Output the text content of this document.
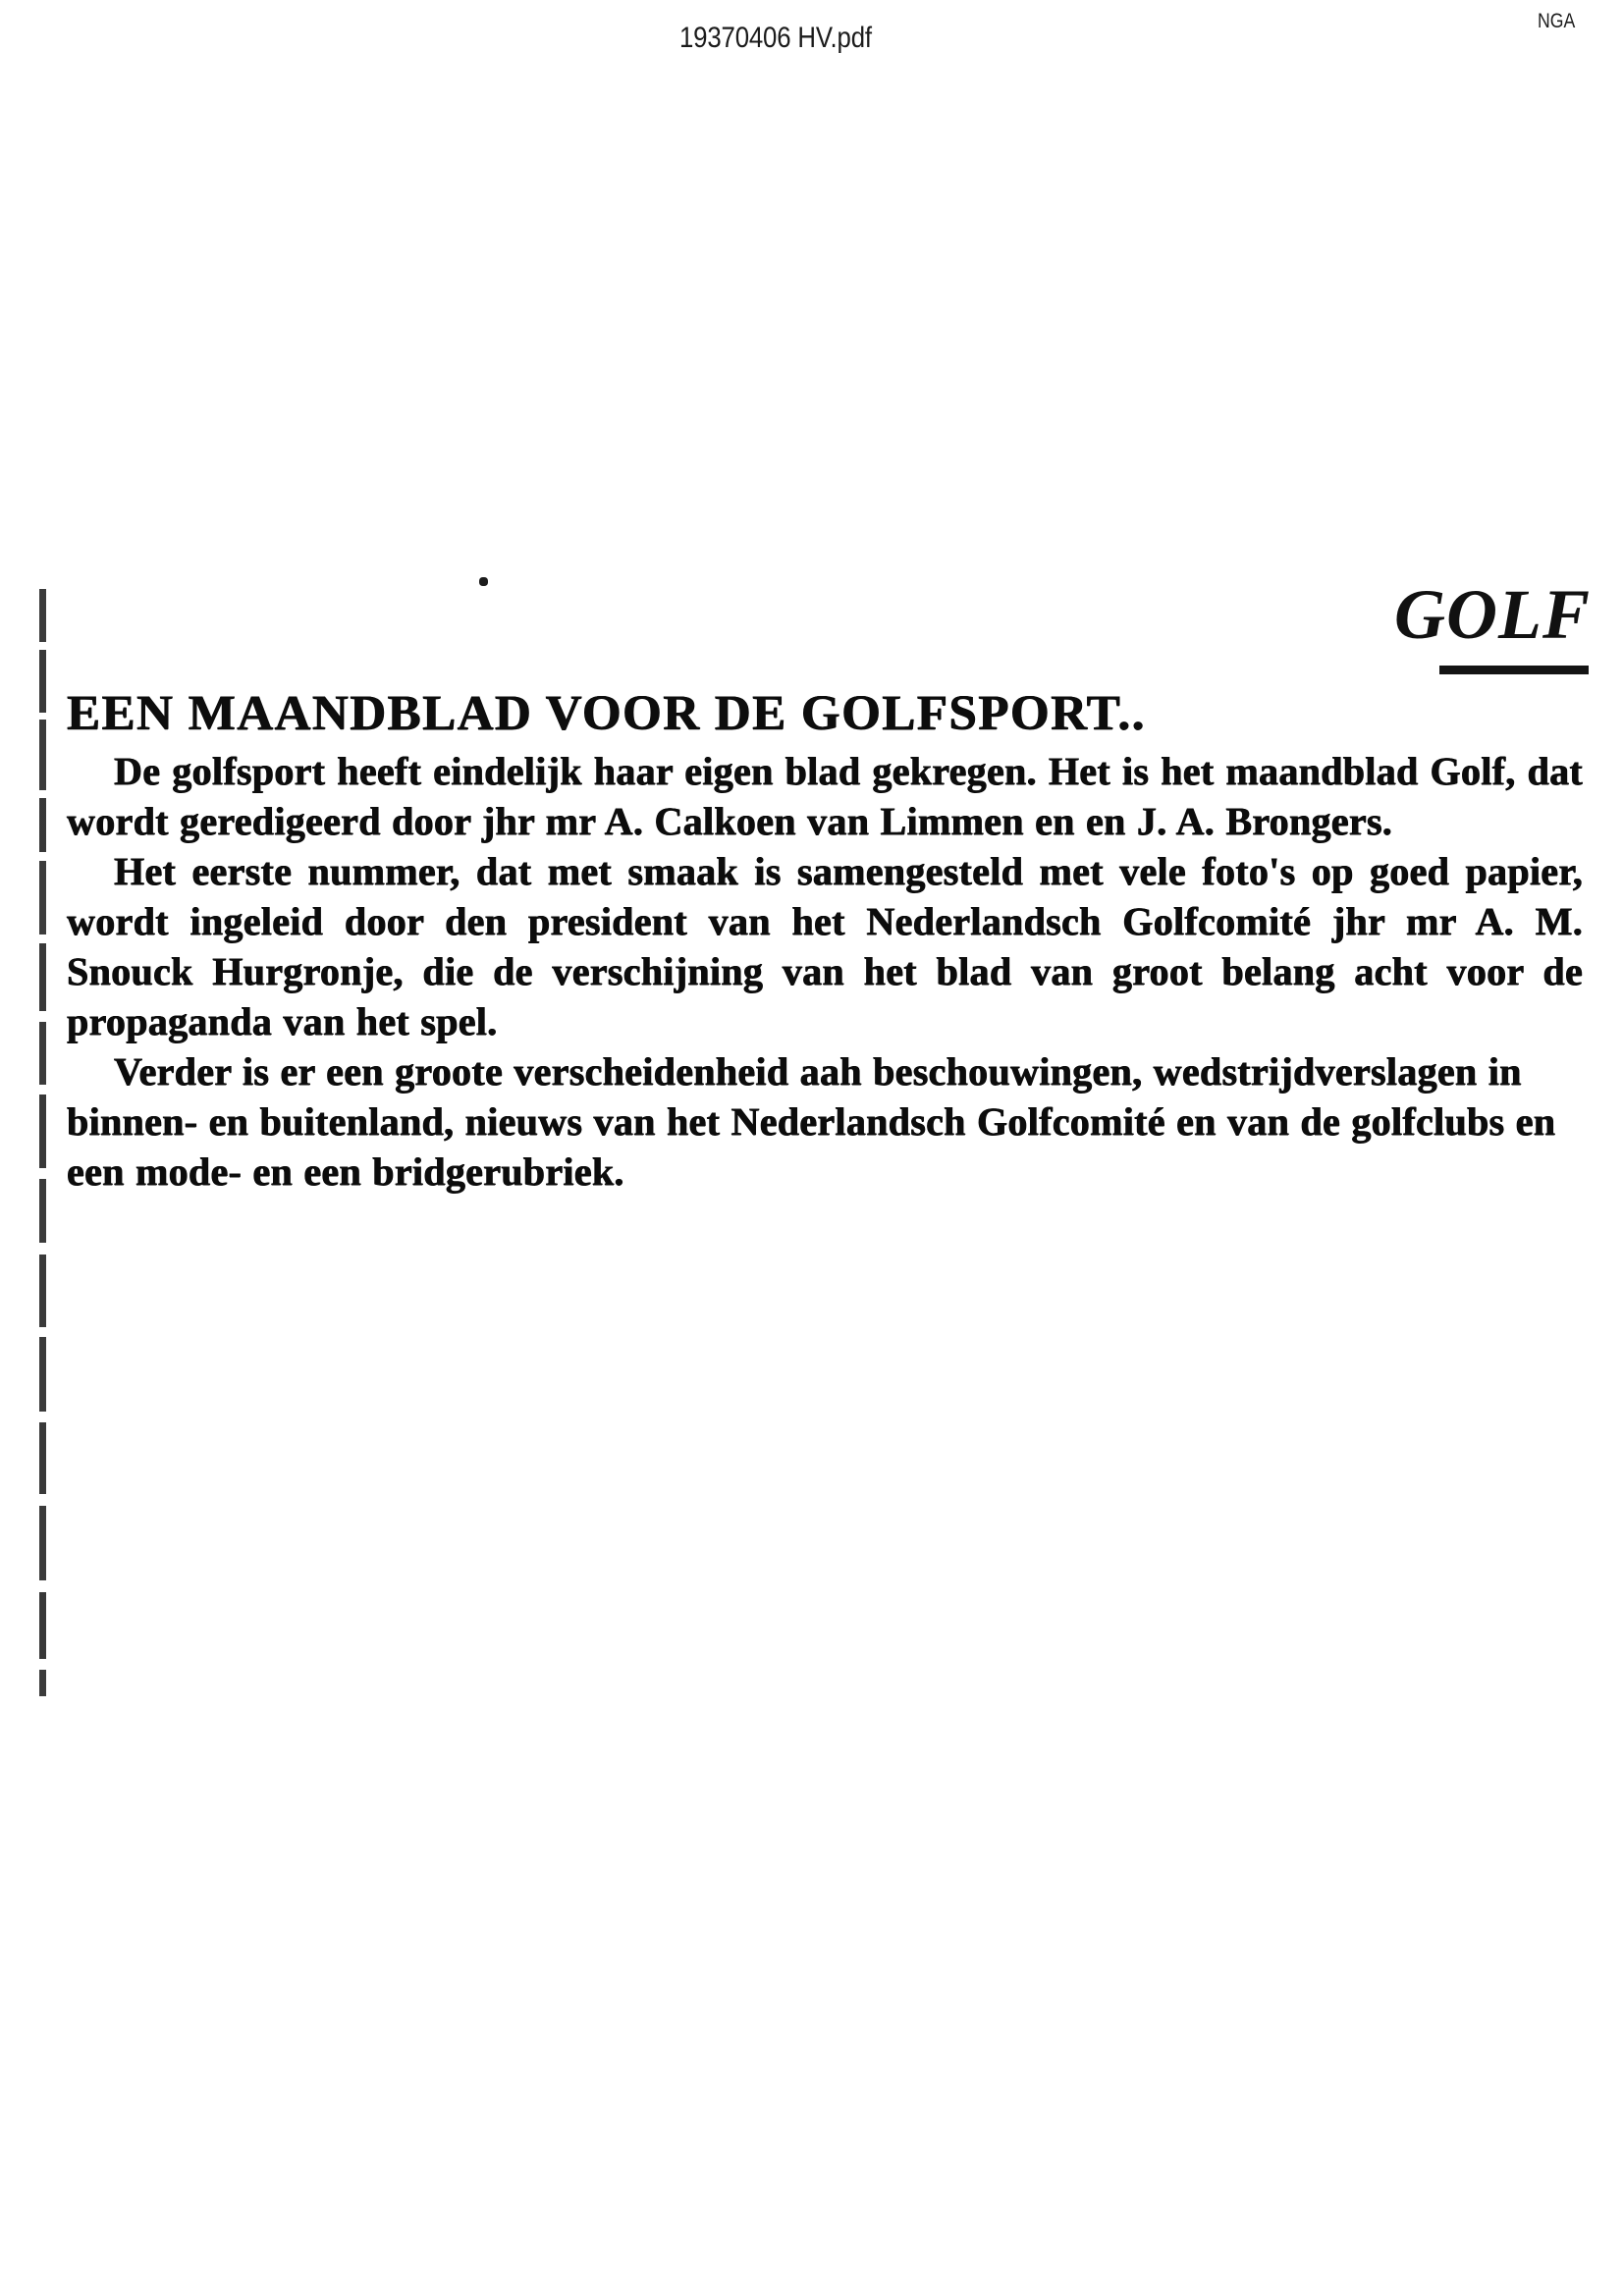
19370406 HV.pdf
NGA
GOLF
EEN MAANDBLAD VOOR DE GOLFSPORT..

De golfsport heeft eindelijk haar eigen blad gekregen. Het is het maandblad Golf, dat wordt geredigeerd door jhr mr A. Calkoen van Limmen en en J. A. Brongers.

Het eerste nummer, dat met smaak is samengesteld met vele foto's op goed papier, wordt ingeleid door den president van het Nederlandsch Golfcomité jhr mr A. M. Snouck Hurgronje, die de verschijning van het blad van groot belang acht voor de propaganda van het spel.

Verder is er een groote verscheidenheid aah beschouwingen, wedstrijdverslagen in binnen- en buitenland, nieuws van het Nederlandsch Golfcomité en van de golfclubs en een mode- en een bridgerubriek.
